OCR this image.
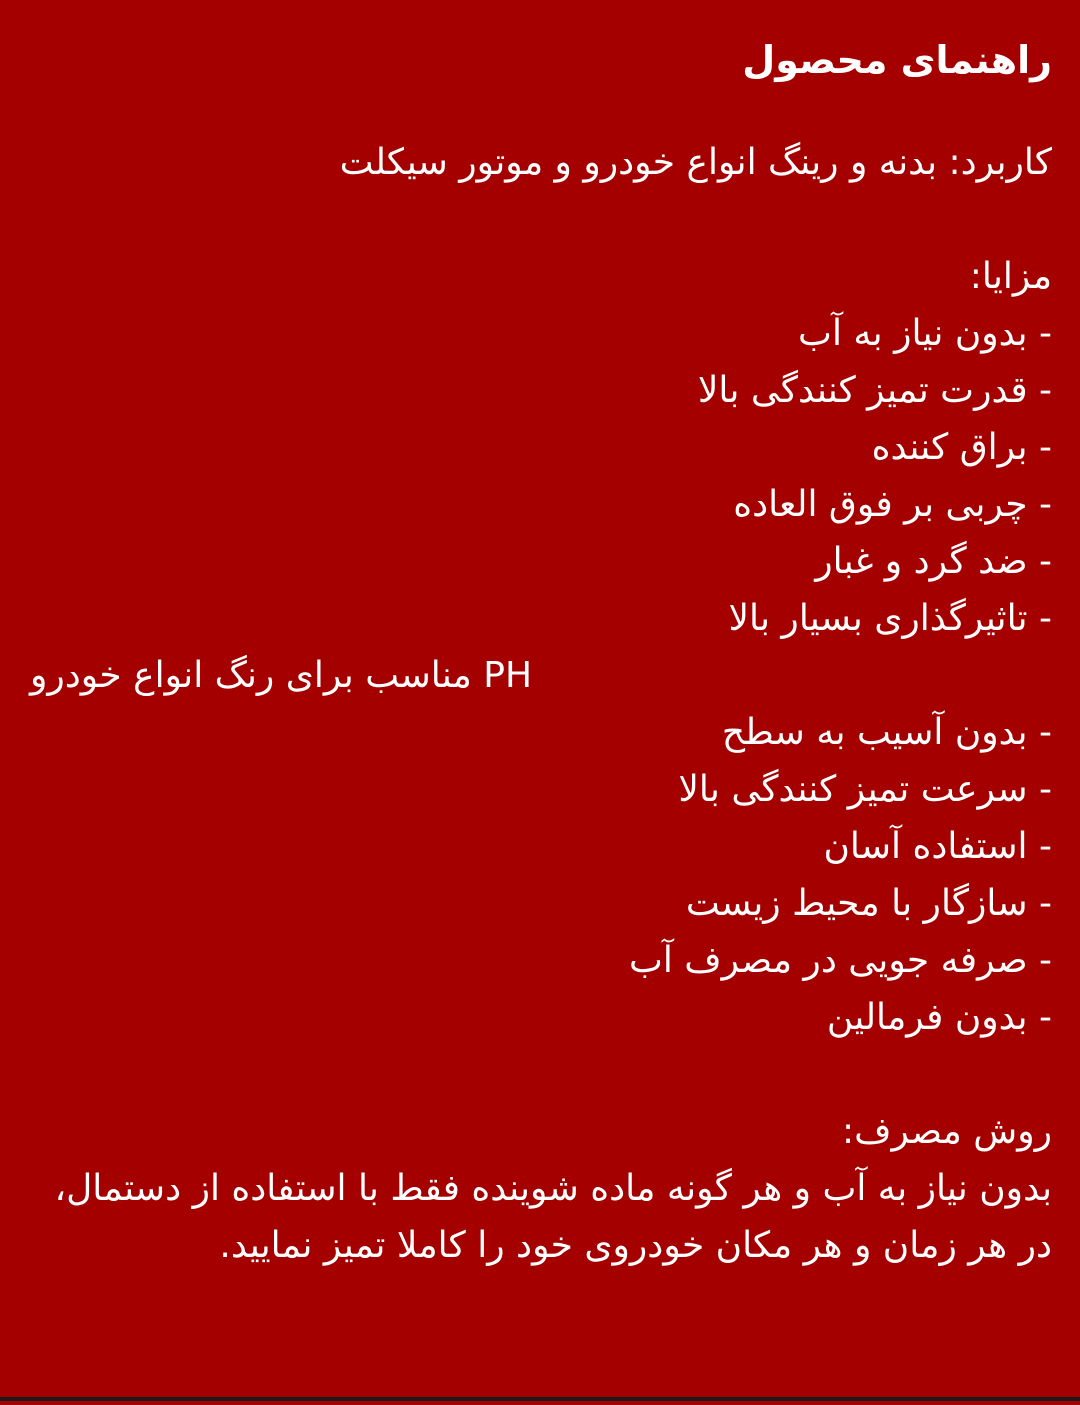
راهنمای محصول
کاربرد: بدنه و رینگ انواع خودرو و موتور سیکلت
مزایا:
- بدون نیاز به آب
- قدرت تمیز کنندگی بالا
- براق کننده
- چربی بر فوق العاده
- ضد گرد و غبار
- تاثیرگذاری بسیار بالا
PH مناسب برای رنگ انواع خودرو
- بدون آسیب به سطح
- سرعت تمیز کنندگی بالا
- استفاده آسان
- سازگار با محیط زیست
- صرفه جویی در مصرف آب
- بدون فرمالین
روش مصرف:
بدون نیاز به آب و هر گونه ماده شوینده فقط با استفاده از دستمال، در هر زمان و هر مکان خودروی خود را کاملا تمیز نمایید.
